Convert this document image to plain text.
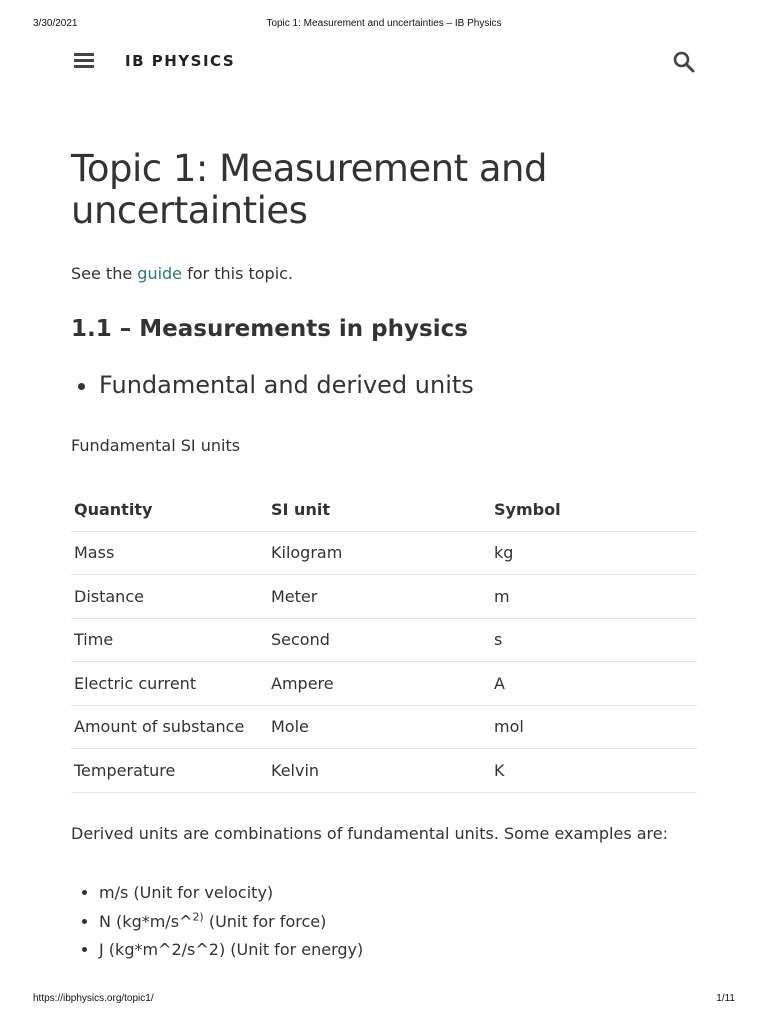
3/30/2021	Topic 1: Measurement and uncertainties – IB Physics
https://ibphysics.org/topic1/	1/11
IB PHYSICS
Topic 1: Measurement and uncertainties

See the guide for this topic.

1.1 – Measurements in physics
• Fundamental and derived units

Fundamental SI units

Quantity	SI unit	Symbol
Mass	Kilogram	kg
Distance	Meter	m
Time	Second	s
Electric current	Ampere	A
Amount of substance	Mole	mol
Temperature	Kelvin	K

Derived units are combinations of fundamental units. Some examples are:

• m/s (Unit for velocity)
• N (kg*m/s^$^{2)}$ (Unit for force)
• J (kg*m^2/s^2) (Unit for energy)
